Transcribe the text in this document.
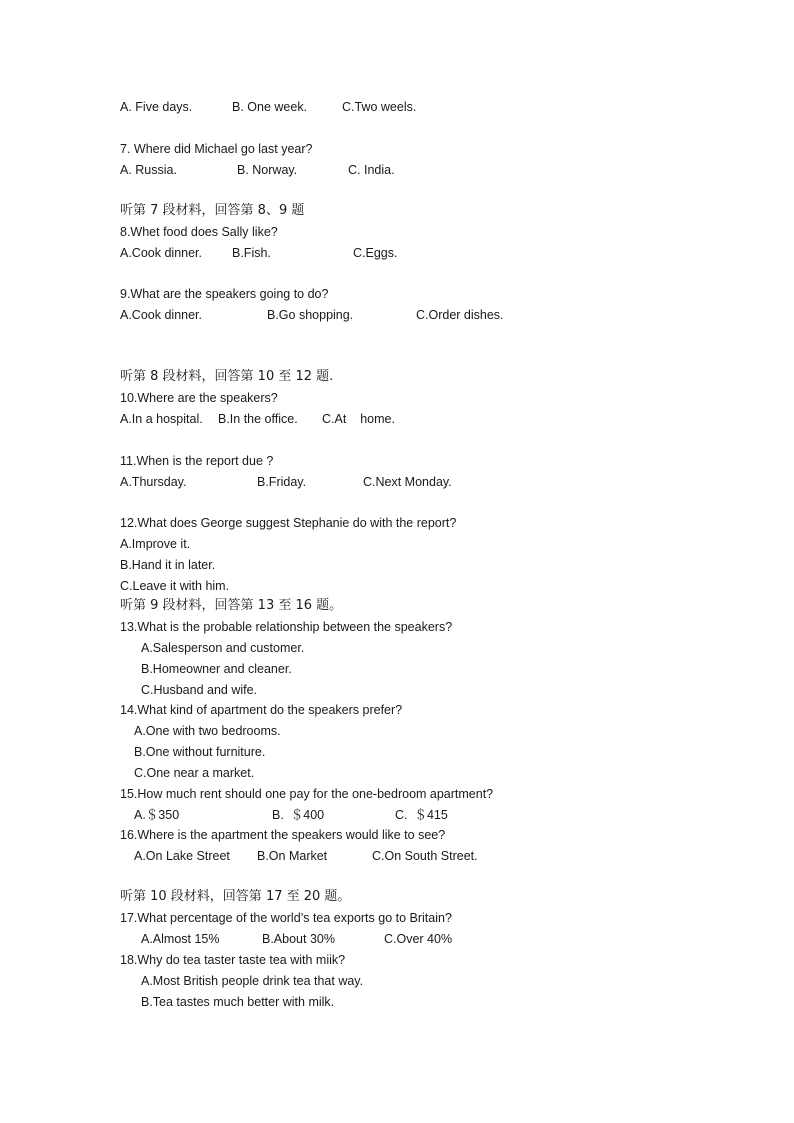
A. Five days.	B. One week.	C.Two weels.
7. Where did Michael go last year?
A. Russia.	B. Norway.	C. India.
听第 7 段材料，回答第 8、9 题
8.Whet food does Sally like?
A.Cook dinner. B.Fish.	C.Eggs.
9.What are the speakers going to do?
A.Cook dinner.	B.Go shopping.	C.Order dishes.
听第 8 段材料，回答第 10 至 12 题.
10.Where are the speakers?
A.In a hospital. B.In the office. C.At    home.
11.When is the report due ?
A.Thursday.	B.Friday.	C.Next Monday.
12.What does George suggest Stephanie do with the report?
A.Improve it.
B.Hand it in later.
C.Leave it with him.
听第 9 段材料，回答第 13 至 16 题。
13.What is the probable relationship between the speakers?
A.Salesperson and customer.
B.Homeowner and cleaner.
C.Husband and wife.
14.What kind of apartment do the speakers prefer?
A.One with two bedrooms.
B.One without furniture.
C.One near a market.
15.How much rent should one pay for the one-bedroom apartment?
A.＄350	B.  ＄400	C.  ＄415
16.Where is the apartment the speakers would like to see?
A.On Lake Street B.On Market	C.On South Street.
听第 10 段材料，回答第 17 至 20 题。
17.What percentage of the world’s tea exports go to Britain?
A.Almost 15%	B.About 30%	C.Over 40%
18.Why do tea taster taste tea with miik?
A.Most British people drink tea that way.
B.Tea tastes much better with milk.
